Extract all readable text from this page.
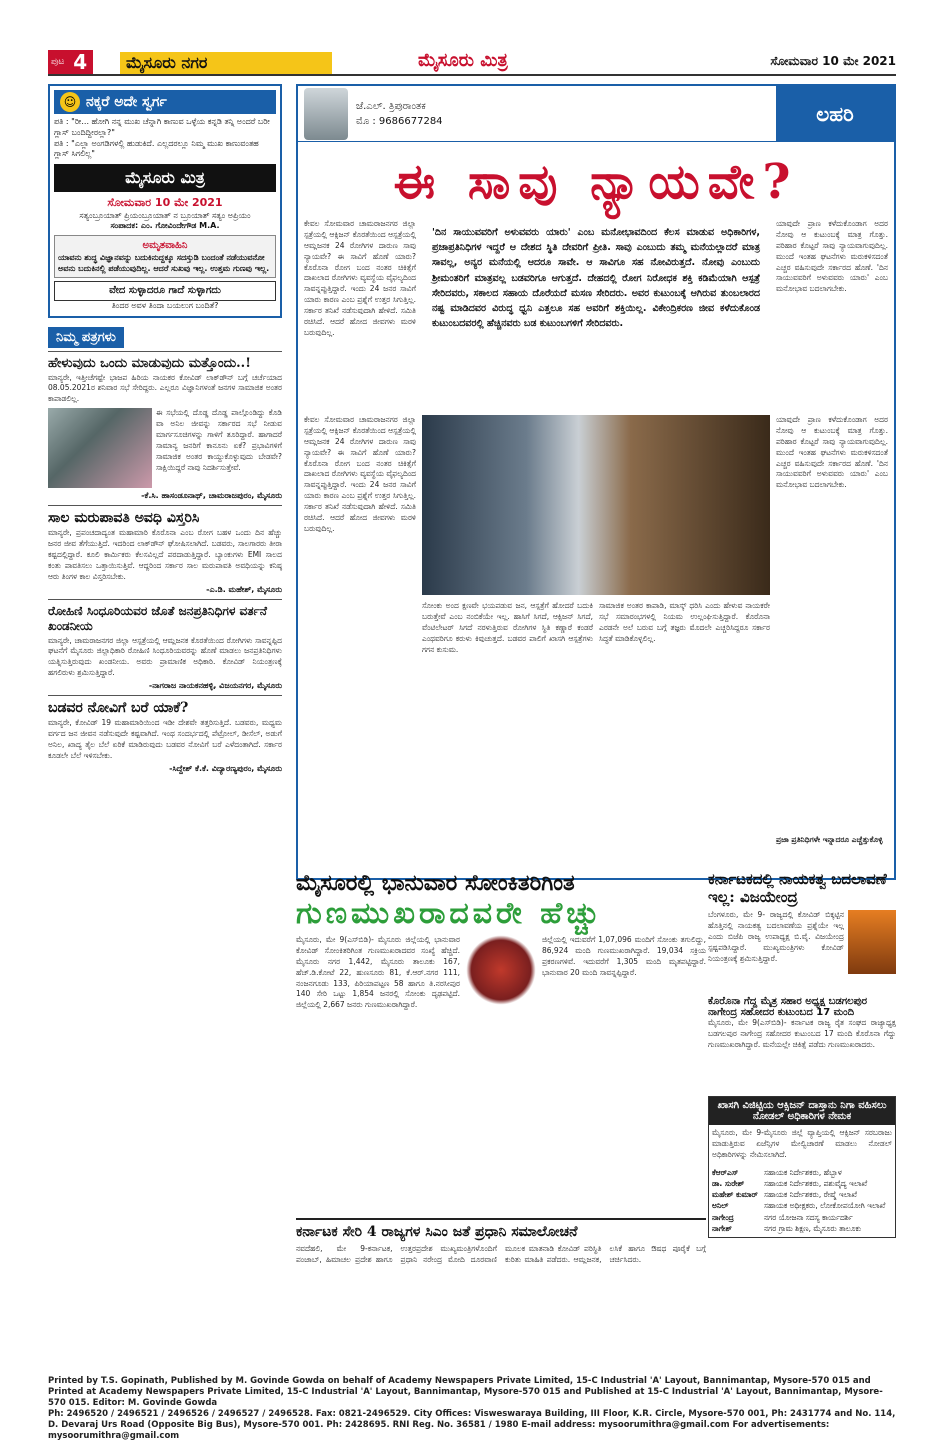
ಪುಟ 4	ಮೈಸೂರು ನಗರ	ಮೈಸೂರು ಮಿತ್ರ	ಸೋಮವಾರ 10 ಮೇ 2021
☺ ನಕ್ಕರೆ ಅದೇ ಸ್ವರ್ಗ

ಪತಿ : "ರೀ... ಹೋಗಿ ನನ್ನ ಮುಖ ಚೆನ್ನಾಗಿ ಕಾಣುವ ಒಳ್ಳೆಯ ಕನ್ನಡಿ ತನ್ನಿ ಅಂದರೆ ಬರೀ ಗ್ಲಾಸ್ ಬಂದಿದ್ದೀರಲ್ಲಾ?"

ಪತಿ : "ಎಲ್ಲಾ ಅಂಗಡಿಗಳಲ್ಲಿ ಹುಡುಕಿದೆ. ಎಲ್ಲದರಲ್ಲೂ ನಿಮ್ಮ ಮುಖ ಕಾಣುವಂತಹ ಗ್ಲಾಸ್ ಸಿಗಲಿಲ್ಲ"

ಮೈಸೂರು ಮಿತ್ರ

ಸೋಮವಾರ 10 ಮೇ 2021

ಸತ್ಯಂಬ್ರೂಯಾತ್ ಪ್ರಿಯಂಬ್ರೂಯಾತ್ ನ ಬ್ರೂಯಾತ್ ಸತ್ಯಂ ಅಪ್ರಿಯಂ

ಸಂಪಾದಕ: ಎಂ. ಗೋವಿಂದೇಗೌಡ M.A.

ಅಮೃತವಾಹಿನಿ

ಯಾವನು ಶುದ್ಧ ವಿಜ್ಞಾನವನ್ನು ಬದುಕಿನುದ್ದಕ್ಕೂ ಸದಸ್ತುಡಿ ಬಂದಂತೆ ನಡೆಯುವನೋ ಅವನು ಬದುಕಿನಲ್ಲಿ ಪಡೆಯುವುದಿಲ್ಲ. ಆದರೆ ಸುಖವು ಇಲ್ಲ. ಉತ್ತಮ ಗುಣವು ಇಲ್ಲ.

ವೇದ ಸುಳ್ಳಾದರೂ ಗಾದೆ ಸುಳ್ಳಾಗದು

ತಿಂದರ ಅವಳ ತಿಂದಾ ಬಯಲುಗ ಬಂದಿತೆ?

ನಿಮ್ಮ ಪತ್ರಗಳು

ಹೇಳುವುದು ಒಂದು ಮಾಡುವುದು ಮತ್ತೊಂದು..!

ಮಾನ್ಯರೇ, ಇತ್ತೀಚೆಗಷ್ಟೇ ಭಾಜಪ ಹಿರಿಯ ನಾಯಕರ ಕೋವಿಡ್ ಲಾಕ್‌ಡೌನ್ ಬಗ್ಗೆ ಚರ್ಚೆಯಾದ 08.05.2021ರ ಶನಿವಾರ ಸಭೆ ಸೇರಿದ್ದರು. ಎಲ್ಲರೂ ವಿಜ್ಞಾನಿಗಳಂತೆ ಜನಗಳ ಸಾಮಾಜಿಕ ಅಂತರ ಕಾಪಾಡಲಿಲ್ಲ.

ಈ ಸಭೆಯಲ್ಲಿ ದೊಡ್ಡ ದೊಡ್ಡ ಪಾಲ್ಗೊಂಡಿದ್ದು ಕೊಡಿ ವಾ ಅನಿಲ ಜೀವನ್ನು ಸರ್ಕಾರದ ಸಭೆ ನೀಡುವ ಮಾರ್ಗಸೂಚಿಗಳನ್ನು ಗಾಳಿಗೆ ತೂರಿದ್ದಾರೆ. ಹಾಗಾದರೆ ಸಾಮಾನ್ಯ ಜನರಿಗೆ ಕಾನೂನು ಏಕೆ? ಪ್ರಭಾವಿಗಳಿಗೆ ಸಾಮಾಜಿಕ ಅಂತರ ಕಾಯ್ದುಕೊಳ್ಳುವುದು ಬೇಡವೇ? ಸಾಕ್ಷಿಯಿದ್ದರೆ ನಾವು ನಿದರ್ಶಿಸುತ್ತೇವೆ.

-ಕೆ.ಸಿ. ಹಾಸಂಡೂನಾಥ್, ಚಾಮರಾಜಪುರಂ, ಮೈಸೂರು

ಸಾಲ ಮರುಪಾವತಿ ಅವಧಿ ವಿಸ್ತರಿಸಿ

ಮಾನ್ಯರೇ, ಪ್ರಪಂಚದಾದ್ಯಂತ ಮಹಾಮಾರಿ ಕೊರೊನಾ ಎಂಬ ರೋಗ ಬಹಳ ಒಂದು ದಿನ ಹೆಚ್ಚು ಜನರ ಜೀವ ತೆಗೆಯುತ್ತಿದೆ. ಇದರಿಂದ ಲಾಕ್‌ಡೌನ್ ಘೋಷಿಸಲಾಗಿದೆ. ಬಡವರು, ಸಾಲಗಾರರು ತೀರಾ ಕಷ್ಟದಲ್ಲಿದ್ದಾರೆ. ಕೂಲಿ ಕಾರ್ಮಿಕರು ಕೆಲಸವಿಲ್ಲದೆ ಪರದಾಡುತ್ತಿದ್ದಾರೆ. ಬ್ಯಾಂಕುಗಳು EMI ಸಾಲದ ಕಂತು ಪಾವತಿಸಲು ಒತ್ತಾಯಿಸುತ್ತಿವೆ. ಆದ್ದರಿಂದ ಸರ್ಕಾರ ಸಾಲ ಮರುಪಾವತಿ ಅವಧಿಯನ್ನು ಕನಿಷ್ಠ ಆರು ತಿಂಗಳ ಕಾಲ ವಿಸ್ತರಿಸಬೇಕು.

-ಎ.ಡಿ. ಮಹೇಶ್, ಮೈಸೂರು

ರೋಹಿಣಿ ಸಿಂಧೂರಿಯವರ ಜೊತೆ ಜನಪ್ರತಿನಿಧಿಗಳ ವರ್ತನೆ ಖಂಡನೀಯ

ಮಾನ್ಯರೇ, ಚಾಮರಾಜನಗರ ಜಿಲ್ಲಾ ಆಸ್ಪತ್ರೆಯಲ್ಲಿ ಆಮ್ಲಜನಕ ಕೊರತೆಯಿಂದ ರೋಗಿಗಳು ಸಾವನ್ನಪ್ಪಿದ ಘಟನೆಗೆ ಮೈಸೂರು ಜಿಲ್ಲಾಧಿಕಾರಿ ರೋಹಿಣಿ ಸಿಂಧೂರಿಯವರನ್ನು ಹೊಣೆ ಮಾಡಲು ಜನಪ್ರತಿನಿಧಿಗಳು ಯತ್ನಿಸುತ್ತಿರುವುದು ಖಂಡನೀಯ. ಅವರು ಪ್ರಾಮಾಣಿಕ ಅಧಿಕಾರಿ. ಕೋವಿಡ್ ನಿಯಂತ್ರಣಕ್ಕೆ ಹಗಲಿರುಳು ಶ್ರಮಿಸುತ್ತಿದ್ದಾರೆ.

-ನಾಗರಾಜ ನಾಯಕನಹಳ್ಳಿ, ವಿಜಯನಗರ, ಮೈಸೂರು

ಬಡವರ ನೋವಿಗೆ ಬರೆ ಯಾಕೆ?

ಮಾನ್ಯರೇ, ಕೋವಿಡ್ 19 ಮಹಾಮಾರಿಯಿಂದ ಇಡೀ ದೇಶವೇ ತತ್ತರಿಸುತ್ತಿದೆ. ಬಡವರು, ಮಧ್ಯಮ ವರ್ಗದ ಜನ ಜೀವನ ನಡೆಸುವುದೇ ಕಷ್ಟವಾಗಿದೆ. ಇಂಥ ಸಂದರ್ಭದಲ್ಲಿ ಪೆಟ್ರೋಲ್, ಡೀಸೆಲ್, ಅಡುಗೆ ಅನಿಲ, ಖಾದ್ಯ ತೈಲ ಬೆಲೆ ಏರಿಕೆ ಮಾಡಿರುವುದು ಬಡವರ ನೋವಿಗೆ ಬರೆ ಎಳೆದಂತಾಗಿದೆ. ಸರ್ಕಾರ ಕೂಡಲೇ ಬೆಲೆ ಇಳಿಸಬೇಕು.

-ಸಿದ್ದೇಶ್ ಕೆ.ಕೆ. ವಿದ್ಯಾರಣ್ಯಪುರಂ, ಮೈಸೂರು

ಜೆ.ಎಲ್. ತ್ರಿಪುರಾಂತಕ

ಮೊ : 9686677284	ಲಹರಿ
ಈ ಸಾವು ನ್ಯಾಯವೇ?

ಕೇವಲ ಸೋಮವಾರ ಚಾಮರಾಜನಗರ ಜಿಲ್ಲಾ ಸ್ಪತ್ರೆಯಲ್ಲಿ ಆಕ್ಸಿಜನ್ ಕೊರತೆಯಿಂದ ಆಸ್ಪತ್ರೆಯಲ್ಲಿ ಆಮ್ಲಜನಕ 24 ರೋಗಿಗಳ ದಾರುಣ ಸಾವು ನ್ಯಾಯವೇ? ಈ ಸಾವಿಗೆ ಹೊಣೆ ಯಾರು? ಕೊರೊನಾ ರೋಗ ಬಂದ ನಂತರ ಚಿಕಿತ್ಸೆಗೆ ದಾಖಲಾದ ರೋಗಿಗಳು ವ್ಯವಸ್ಥೆಯ ವೈಫಲ್ಯದಿಂದ ಸಾವನ್ನಪ್ಪುತ್ತಿದ್ದಾರೆ. ಇಂದು 24 ಜನರ ಸಾವಿಗೆ ಯಾರು ಕಾರಣ ಎಂಬ ಪ್ರಶ್ನೆಗೆ ಉತ್ತರ ಸಿಗುತ್ತಿಲ್ಲ. ಸರ್ಕಾರ ತನಿಖೆ ನಡೆಸುವುದಾಗಿ ಹೇಳಿದೆ. ಸಮಿತಿ ರಚಿಸಿದೆ. ಆದರೆ ಹೋದ ಜೀವಗಳು ಮರಳಿ ಬರುವುದಿಲ್ಲ.

'ದಿನ ಸಾಯುವವರಿಗೆ ಅಳುವವರು ಯಾರು' ಎಂಬ ಮನೋಭಾವದಿಂದ ಕೆಲಸ ಮಾಡುವ ಅಧಿಕಾರಿಗಳ, ಪ್ರಜಾಪ್ರತಿನಿಧಿಗಳ ಇದ್ದರೆ ಆ ದೇಶದ ಸ್ಥಿತಿ ದೇವರಿಗೆ ಪ್ರೀತಿ. ಸಾವು ಎಂಬುದು ತಮ್ಮ ಮನೆಯಲ್ಲಾದರೆ ಮಾತ್ರ ಸಾವಲ್ಲ, ಅನ್ಯರ ಮನೆಯಲ್ಲಿ ಆದರೂ ಸಾವೇ. ಆ ಸಾವಿಗೂ ಸಹ ನೋವಿರುತ್ತದೆ. ನೋವು ಎಂಬುದು ಶ್ರೀಮಂತರಿಗೆ ಮಾತ್ರವಲ್ಲ ಬಡವರಿಗೂ ಆಗುತ್ತದೆ. ದೇಹದಲ್ಲಿ ರೋಗ ನಿರೋಧಕ ಶಕ್ತಿ ಕಡಿಮೆಯಾಗಿ ಆಸ್ಪತ್ರೆ ಸೇರಿದವರು, ಸಕಾಲದ ಸಹಾಯ ದೊರೆಯದೆ ಮಸಣ ಸೇರಿದರು. ಅವರ ಕುಟುಂಬಕ್ಕೆ ಆಗಿರುವ ತುಂಬಲಾರದ ನಷ್ಟ ಮಾಡಿದವರ ವಿರುದ್ಧ ಧ್ವನಿ ಎತ್ತಲೂ ಸಹ ಅವರಿಗೆ ಶಕ್ತಿಯಿಲ್ಲ. ವಿಕೇಂದ್ರಿಕರಣ ಜೀವ ಕಳೆದುಕೊಂಡ ಕುಟುಂಬದವರಲ್ಲಿ ಹೆಚ್ಚಿನವರು ಬಡ ಕುಟುಂಬಗಳಿಗೆ ಸೇರಿದವರು.

ಯಾವುದೇ ಪ್ರಾಣ ಕಳೆದುಕೊಂಡಾಗ ಅದರ ನೋವು ಆ ಕುಟುಂಬಕ್ಕೆ ಮಾತ್ರ ಗೊತ್ತು. ಪರಿಹಾರ ಕೊಟ್ಟರೆ ಸಾವು ನ್ಯಾಯವಾಗುವುದಿಲ್ಲ. ಮುಂದೆ ಇಂತಹ ಘಟನೆಗಳು ಮರುಕಳಿಸದಂತೆ ಎಚ್ಚರ ವಹಿಸುವುದೇ ಸರ್ಕಾರದ ಹೊಣೆ. 'ದಿನ ಸಾಯುವವರಿಗೆ ಅಳುವವರು ಯಾರು' ಎಂಬ ಮನೋಭಾವ ಬದಲಾಗಬೇಕು.

ಕೇವಲ ಸೋಮವಾರ ಚಾಮರಾಜನಗರ ಜಿಲ್ಲಾ ಸ್ಪತ್ರೆಯಲ್ಲಿ ಆಕ್ಸಿಜನ್ ಕೊರತೆಯಿಂದ ಆಸ್ಪತ್ರೆಯಲ್ಲಿ ಆಮ್ಲಜನಕ 24 ರೋಗಿಗಳ ದಾರುಣ ಸಾವು ನ್ಯಾಯವೇ? ಈ ಸಾವಿಗೆ ಹೊಣೆ ಯಾರು? ಕೊರೊನಾ ರೋಗ ಬಂದ ನಂತರ ಚಿಕಿತ್ಸೆಗೆ ದಾಖಲಾದ ರೋಗಿಗಳು ವ್ಯವಸ್ಥೆಯ ವೈಫಲ್ಯದಿಂದ ಸಾವನ್ನಪ್ಪುತ್ತಿದ್ದಾರೆ. ಇಂದು 24 ಜನರ ಸಾವಿಗೆ ಯಾರು ಕಾರಣ ಎಂಬ ಪ್ರಶ್ನೆಗೆ ಉತ್ತರ ಸಿಗುತ್ತಿಲ್ಲ. ಸರ್ಕಾರ ತನಿಖೆ ನಡೆಸುವುದಾಗಿ ಹೇಳಿದೆ. ಸಮಿತಿ ರಚಿಸಿದೆ. ಆದರೆ ಹೋದ ಜೀವಗಳು ಮರಳಿ ಬರುವುದಿಲ್ಲ.

ಸೋಂಕು ಅಂದ ಕ್ಷಣವೇ ಭಯಪಡುವ ಜನ, ಆಸ್ಪತ್ರೆಗೆ ಹೋದರೆ ಬದುಕಿ ಬರುತ್ತೇವೆ ಎಂಬ ನಂಬಿಕೆಯೇ ಇಲ್ಲ. ಹಾಸಿಗೆ ಸಿಗದೆ, ಆಕ್ಸಿಜನ್ ಸಿಗದೆ, ವೆಂಟಿಲೇಟರ್ ಸಿಗದೆ ನರಳುತ್ತಿರುವ ರೋಗಿಗಳ ಸ್ಥಿತಿ ಕಣ್ಣಾರೆ ಕಂಡರೆ ಎಂಥವರಿಗೂ ಕರುಳು ಕಿವುಚುತ್ತದೆ. ಬಡವರ ಪಾಲಿಗೆ ಖಾಸಗಿ ಆಸ್ಪತ್ರೆಗಳು ಗಗನ ಕುಸುಮ.

ಸಾಮಾಜಿಕ ಅಂತರ ಕಾಪಾಡಿ, ಮಾಸ್ಕ್ ಧರಿಸಿ ಎಂದು ಹೇಳುವ ನಾಯಕರೇ ಸಭೆ ಸಮಾರಂಭಗಳಲ್ಲಿ ನಿಯಮ ಉಲ್ಲಂಘಿಸುತ್ತಿದ್ದಾರೆ. ಕೊರೊನಾ ಎರಡನೇ ಅಲೆ ಬರುವ ಬಗ್ಗೆ ತಜ್ಞರು ಮೊದಲೇ ಎಚ್ಚರಿಸಿದ್ದರೂ ಸರ್ಕಾರ ಸಿದ್ಧತೆ ಮಾಡಿಕೊಳ್ಳಲಿಲ್ಲ.

ಯಾವುದೇ ಪ್ರಾಣ ಕಳೆದುಕೊಂಡಾಗ ಅದರ ನೋವು ಆ ಕುಟುಂಬಕ್ಕೆ ಮಾತ್ರ ಗೊತ್ತು. ಪರಿಹಾರ ಕೊಟ್ಟರೆ ಸಾವು ನ್ಯಾಯವಾಗುವುದಿಲ್ಲ. ಮುಂದೆ ಇಂತಹ ಘಟನೆಗಳು ಮರುಕಳಿಸದಂತೆ ಎಚ್ಚರ ವಹಿಸುವುದೇ ಸರ್ಕಾರದ ಹೊಣೆ. 'ದಿನ ಸಾಯುವವರಿಗೆ ಅಳುವವರು ಯಾರು' ಎಂಬ ಮನೋಭಾವ ಬದಲಾಗಬೇಕು.

ಪ್ರಜಾ ಪ್ರತಿನಿಧಿಗಳೇ ಇನ್ನಾದರೂ ಎಚ್ಚೆತ್ತುಕೊಳ್ಳಿ

ಮೈಸೂರಲ್ಲಿ ಭಾನುವಾರ ಸೋಂಕಿತರಿಗಿಂತ

ಗುಣಮುಖರಾದವರೇ ಹೆಚ್ಚು

ಮೈಸೂರು, ಮೇ 9(ಎಸ್‌ಬಿಡಿ)- ಮೈಸೂರು ಜಿಲ್ಲೆಯಲ್ಲಿ ಭಾನುವಾರ ಕೋವಿಡ್ ಸೋಂಕಿತರಿಗಿಂತ ಗುಣಮುಖರಾದವರ ಸಂಖ್ಯೆ ಹೆಚ್ಚಿದೆ. ಮೈಸೂರು ನಗರ 1,442, ಮೈಸೂರು ತಾಲೂಕು 167, ಹೆಚ್.ಡಿ.ಕೋಟೆ 22, ಹುಣಸೂರು 81, ಕೆ.ಆರ್.ನಗರ 111, ನಂಜನಗೂಡು 133, ಪಿರಿಯಾಪಟ್ಟಣ 58 ಹಾಗೂ ತಿ.ನರಸೀಪುರ 140 ಸೇರಿ ಒಟ್ಟು 1,854 ಜನರಲ್ಲಿ ಸೋಂಕು ದೃಢಪಟ್ಟಿದೆ. ಜಿಲ್ಲೆಯಲ್ಲಿ 2,667 ಜನರು ಗುಣಮುಖರಾಗಿದ್ದಾರೆ.

ಜಿಲ್ಲೆಯಲ್ಲಿ ಇದುವರೆಗೆ 1,07,096 ಮಂದಿಗೆ ಸೋಂಕು ತಗುಲಿದ್ದು, 86,924 ಮಂದಿ ಗುಣಮುಖರಾಗಿದ್ದಾರೆ. 19,034 ಸಕ್ರಿಯ ಪ್ರಕರಣಗಳಿವೆ. ಇದುವರೆಗೆ 1,305 ಮಂದಿ ಮೃತಪಟ್ಟಿದ್ದಾರೆ. ಭಾನುವಾರ 20 ಮಂದಿ ಸಾವನ್ನಪ್ಪಿದ್ದಾರೆ.

ಕರ್ನಾಟಕದಲ್ಲಿ ನಾಯಕತ್ವ ಬದಲಾವಣೆ ಇಲ್ಲ: ವಿಜಯೇಂದ್ರ

ಬೆಂಗಳೂರು, ಮೇ 9- ರಾಜ್ಯದಲ್ಲಿ ಕೋವಿಡ್ ಬಿಕ್ಕಟ್ಟಿನ ಹೊತ್ತಿನಲ್ಲಿ ನಾಯಕತ್ವ ಬದಲಾವಣೆಯ ಪ್ರಶ್ನೆಯೇ ಇಲ್ಲ ಎಂದು ಬಿಜೆಪಿ ರಾಜ್ಯ ಉಪಾಧ್ಯಕ್ಷ ಬಿ.ವೈ. ವಿಜಯೇಂದ್ರ ಸ್ಪಷ್ಟಪಡಿಸಿದ್ದಾರೆ. ಮುಖ್ಯಮಂತ್ರಿಗಳು ಕೋವಿಡ್ ನಿಯಂತ್ರಣಕ್ಕೆ ಶ್ರಮಿಸುತ್ತಿದ್ದಾರೆ.

ಕೊರೊನಾ ಗೆದ್ದ ಮೈತ್ರ ಸಹಾರ ಅಧ್ಯಕ್ಷ ಬಡಗಲಪುರ ನಾಗೇಂದ್ರ ಸಹೋದರ ಕುಟುಂಬದ 17 ಮಂದಿ

ಮೈಸೂರು, ಮೇ 9(ಎಸ್‌ಬಿಡಿ)- ಕರ್ನಾಟಕ ರಾಜ್ಯ ರೈತ ಸಂಘದ ರಾಜ್ಯಾಧ್ಯಕ್ಷ ಬಡಗಲಪುರ ನಾಗೇಂದ್ರ ಸಹೋದರ ಕುಟುಂಬದ 17 ಮಂದಿ ಕೊರೊನಾ ಗೆದ್ದು ಗುಣಮುಖರಾಗಿದ್ದಾರೆ. ಮನೆಯಲ್ಲೇ ಚಿಕಿತ್ಸೆ ಪಡೆದು ಗುಣಮುಖರಾದರು.

ಖಾಸಗಿ ವಿಜಿಟ್ಟಿಯ ಆಕ್ಸಿಜನ್ ದಾಸ್ತಾನು ನಿಗಾ ವಹಿಸಲು ನೋಡಲ್ ಅಧಿಕಾರಿಗಳ ನೇಮಕ

ಮೈಸೂರು, ಮೇ 9-ಮೈಸೂರು ಜಿಲ್ಲೆ ವ್ಯಾಪ್ತಿಯಲ್ಲಿ ಆಕ್ಸಿಜನ್ ಸರಬರಾಜು ಮಾಡುತ್ತಿರುವ ಏಜೆನ್ಸಿಗಳ ಮೇಲ್ವಿಚಾರಣೆ ಮಾಡಲು ನೋಡಲ್ ಅಧಿಕಾರಿಗಳನ್ನು ನೇಮಿಸಲಾಗಿದೆ.

ಕೆಆರ್‌ಎಸ್	ಸಹಾಯಕ ನಿರ್ದೇಶಕರು, ಹೆಬ್ಬಾಳ
ಡಾ. ಸುರೇಶ್	ಸಹಾಯಕ ನಿರ್ದೇಶಕರು, ಪಶುವೈದ್ಯ ಇಲಾಖೆ
ಮಹೇಶ್ ಕುಮಾರ್ ಸಹಾಯಕ ನಿರ್ದೇಶಕರು, ರೇಷ್ಮೆ ಇಲಾಖೆ
ಅನಿಲ್	ಸಹಾಯಕ ಅಧೀಕ್ಷಕರು, ಲೋಕೋಪಯೋಗಿ ಇಲಾಖೆ
ನಾಗೇಂದ್ರ	ನಗರ ಯೋಜನಾ ಸದಸ್ಯ ಕಾರ್ಯದರ್ಶಿ
ನಾಗೇಶ್	ನಗರ ಗ್ರಾಮ ಶಿಕ್ಷಣ, ಮೈಸೂರು ತಾಲೂಕು

ಕರ್ನಾಟಕ ಸೇರಿ 4 ರಾಜ್ಯಗಳ ಸಿಎಂ ಜತೆ ಪ್ರಧಾನಿ ಸಮಾಲೋಚನೆ

ನವದೆಹಲಿ, ಮೇ 9-ಕರ್ನಾಟಕ, ಪಂಜಾಬ್, ಹಿಮಾಚಲ ಪ್ರದೇಶ ಹಾಗೂ ಉತ್ತರಪ್ರದೇಶ ಮುಖ್ಯಮಂತ್ರಿಗಳೊಂದಿಗೆ ಪ್ರಧಾನಿ ನರೇಂದ್ರ ಮೋದಿ ದೂರವಾಣಿ ಮೂಲಕ ಮಾತನಾಡಿ ಕೋವಿಡ್ ಪರಿಸ್ಥಿತಿ ಕುರಿತು ಮಾಹಿತಿ ಪಡೆದರು. ಆಮ್ಲಜನಕ, ಲಸಿಕೆ ಹಾಗೂ ಔಷಧ ಪೂರೈಕೆ ಬಗ್ಗೆ ಚರ್ಚಿಸಿದರು.

Printed by T.S. Gopinath, Published by M. Govinde Gowda on behalf of Academy Newspapers Private Limited, 15-C Industrial 'A' Layout, Bannimantap, Mysore-570 015 and Printed at Academy Newspapers Private Limited, 15-C Industrial 'A' Layout, Bannimantap, Mysore-570 015 and Published at 15-C Industrial 'A' Layout, Bannimantap, Mysore-570 015. Editor: M. Govinde Gowda

Ph: 2496520 / 2496521 / 2496526 / 2496527 / 2496528. Fax: 0821-2496529. City Offices: Visweswaraya Building, III Floor, K.R. Circle, Mysore-570 001, Ph: 2431774 and No. 114, D. Devaraj Urs Road (Opposite Big Bus), Mysore-570 001. Ph: 2428695. RNI Reg. No. 36581 / 1980 E-mail address: mysoorumithra@gmail.com For advertisements: mysoorumithra@gmail.com
